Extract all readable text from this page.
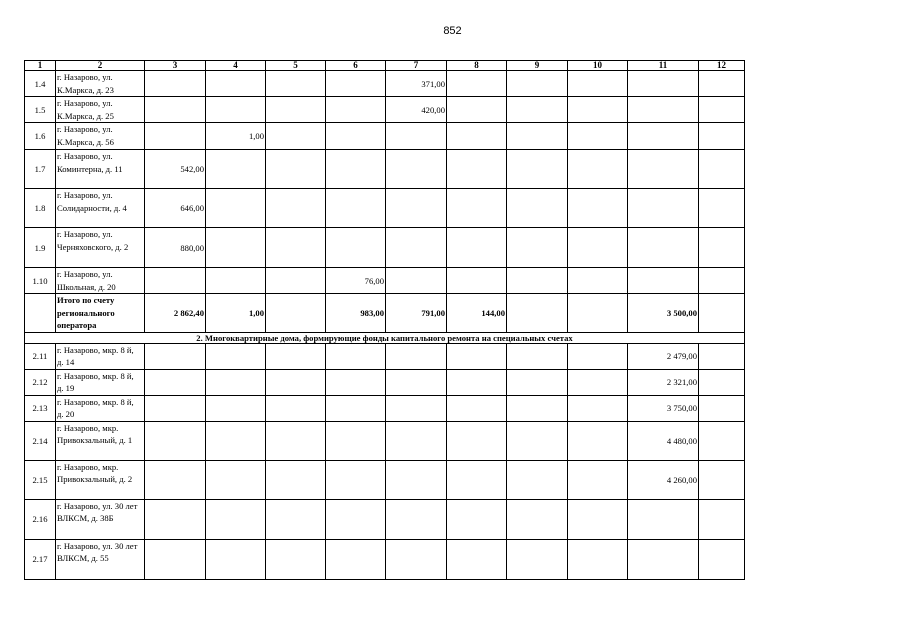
852
1	2	3	4	5	6	7	8	9	10	11	12
1.4	г. Назарово, ул. К.Маркса, д. 23					371,00					
1.5	г. Назарово, ул. К.Маркса, д. 25					420,00					
1.6	г. Назарово, ул. К.Маркса, д. 56		1,00								
1.7	г. Назарово, ул. Коминтерна, д. 11	542,00									
1.8	г. Назарово, ул. Солидарности, д. 4	646,00									
1.9	г. Назарово, ул. Черняховского, д. 2	880,00									
1.10	г. Назарово, ул. Школьная, д. 20				76,00						
	Итого по счету регионального оператора	2 862,40	1,00		983,00	791,00	144,00			3 500,00	
2. Многоквартирные дома, формирующие фонды капитального ремонта на специальных счетах											
2.11	г. Назарово, мкр. 8 й, д. 14									2 479,00	
2.12	г. Назарово, мкр. 8 й, д. 19									2 321,00	
2.13	г. Назарово, мкр. 8 й, д. 20									3 750,00	
2.14	г. Назарово, мкр. Привокзальный, д. 1									4 480,00	
2.15	г. Назарово, мкр. Привокзальный, д. 2									4 260,00	
2.16	г. Назарово, ул. 30 лет ВЛКСМ, д. 38Б										
2.17	г. Назарово, ул. 30 лет ВЛКСМ, д. 55										
